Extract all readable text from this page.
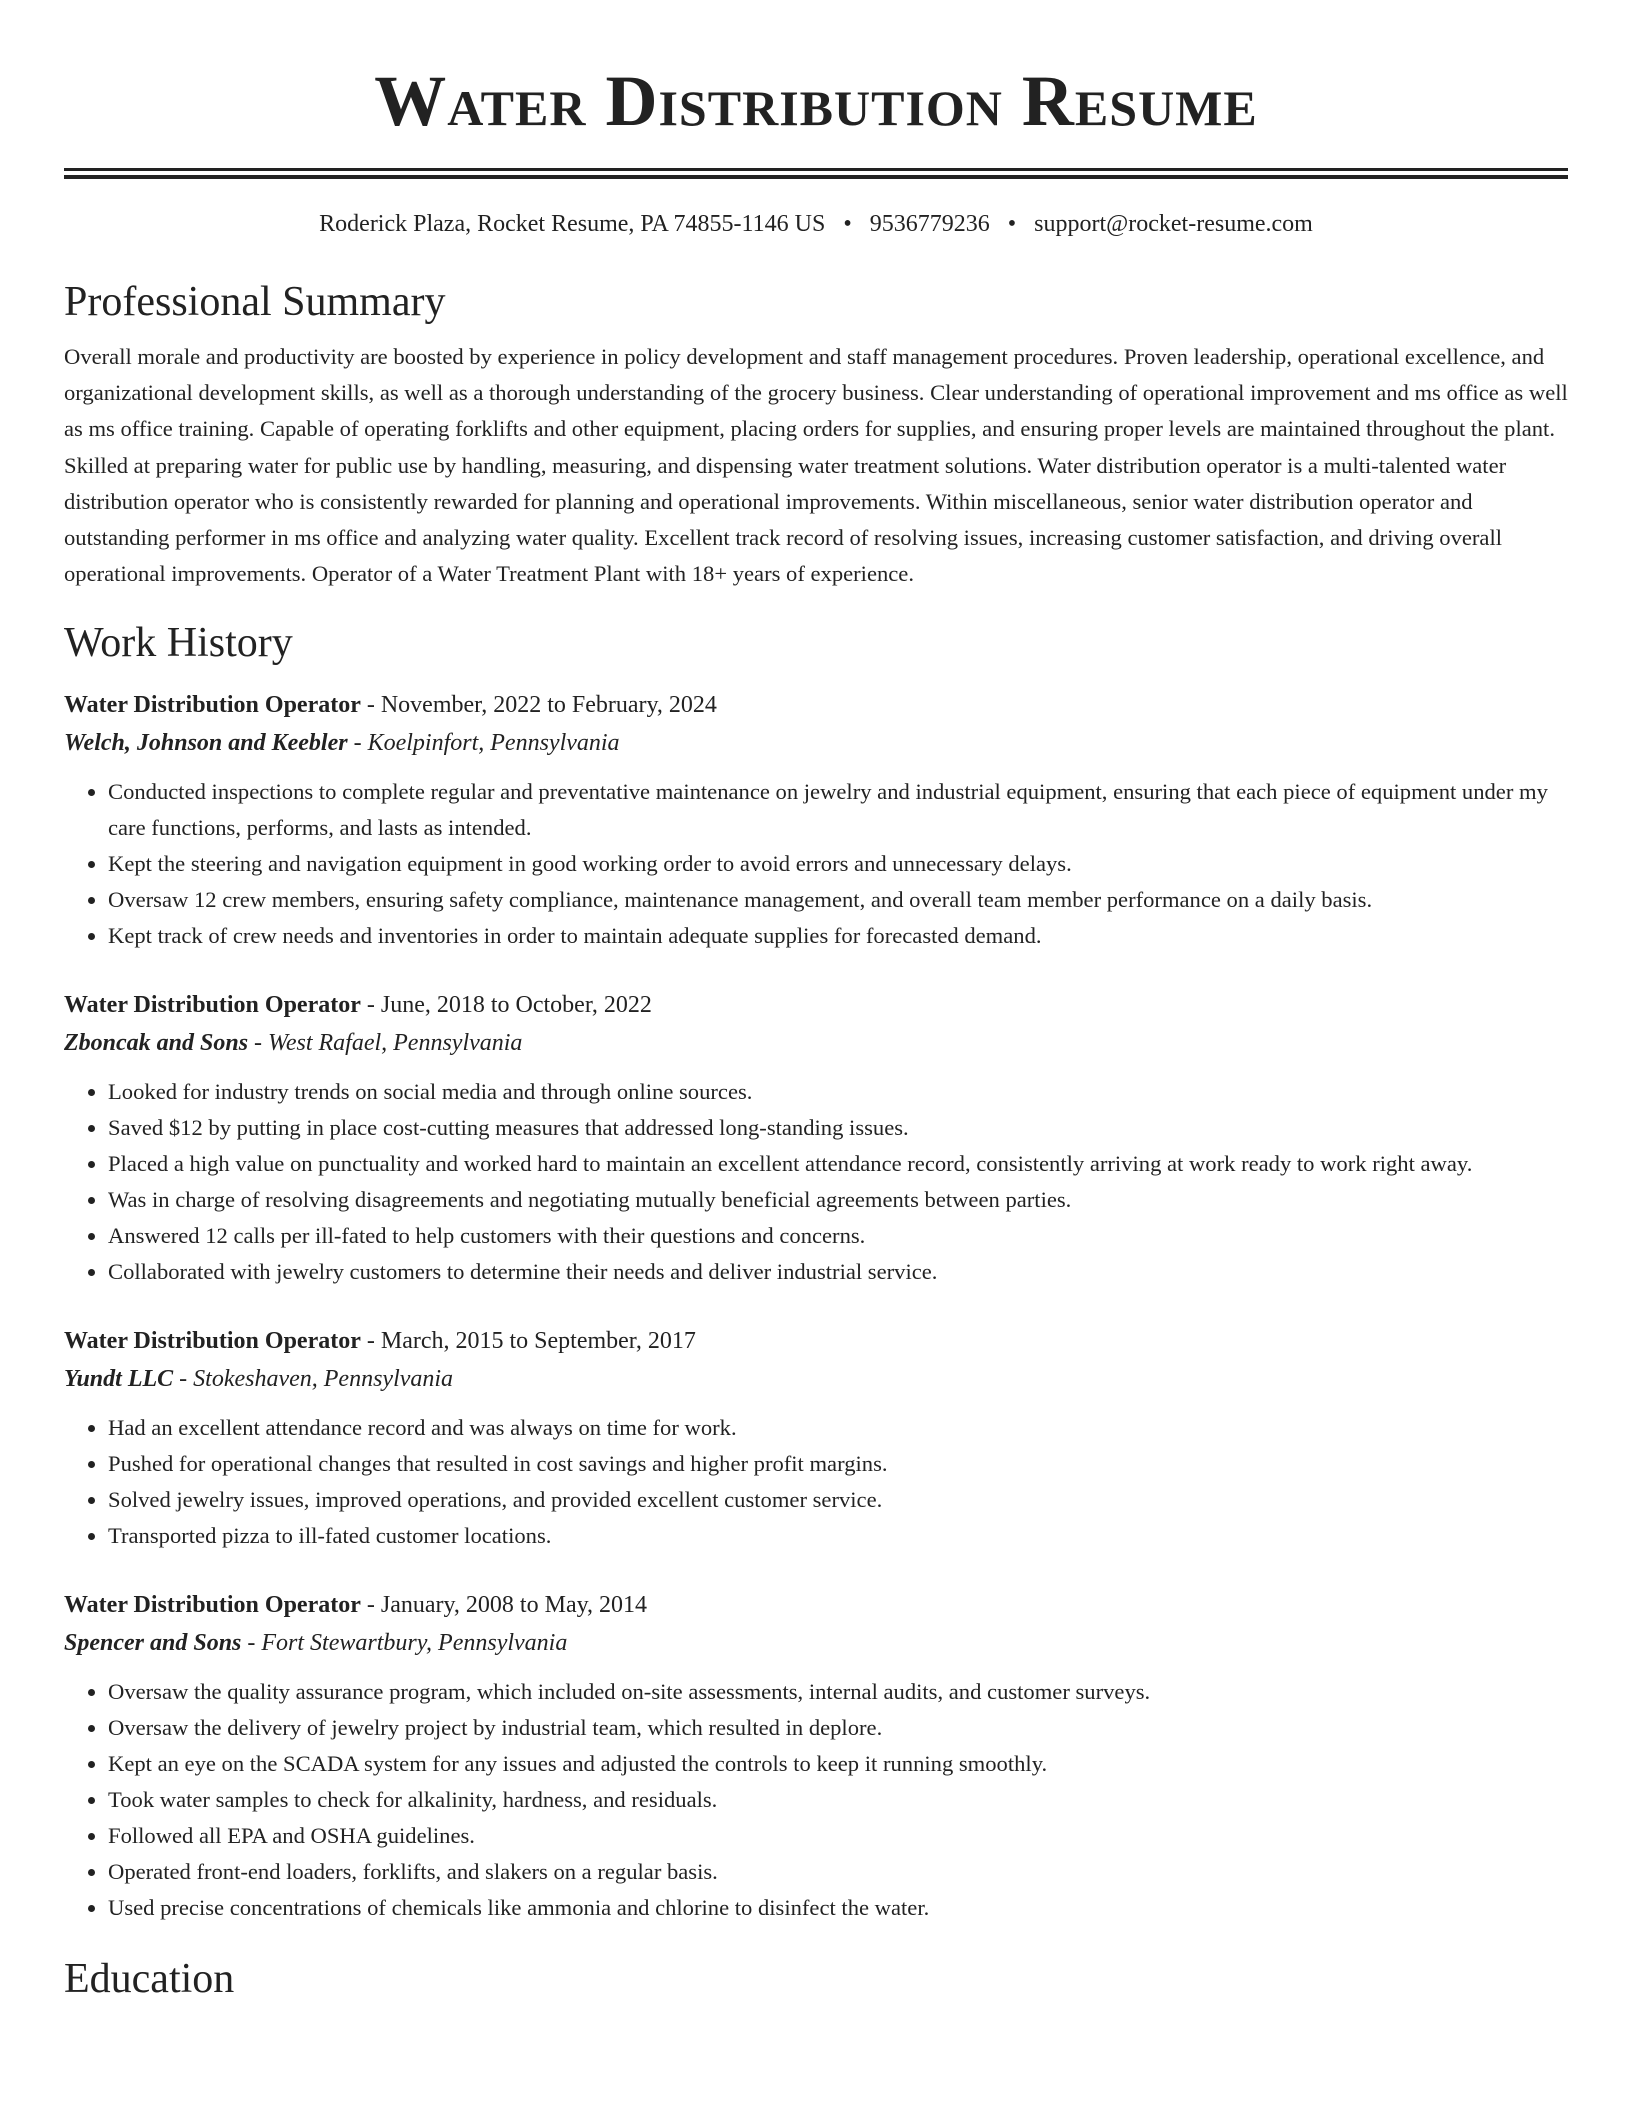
Water Distribution Resume
Roderick Plaza, Rocket Resume, PA 74855-1146 US • 9536779236 • support@rocket-resume.com
Professional Summary

Overall morale and productivity are boosted by experience in policy development and staff management procedures. Proven leadership, operational excellence, and organizational development skills, as well as a thorough understanding of the grocery business. Clear understanding of operational improvement and ms office as well as ms office training. Capable of operating forklifts and other equipment, placing orders for supplies, and ensuring proper levels are maintained throughout the plant. Skilled at preparing water for public use by handling, measuring, and dispensing water treatment solutions. Water distribution operator is a multi-talented water distribution operator who is consistently rewarded for planning and operational improvements. Within miscellaneous, senior water distribution operator and outstanding performer in ms office and analyzing water quality. Excellent track record of resolving issues, increasing customer satisfaction, and driving overall operational improvements. Operator of a Water Treatment Plant with 18+ years of experience.

Work History
Water Distribution Operator - November, 2022 to February, 2024
Welch, Johnson and Keebler - Koelpinfort, Pennsylvania
• Conducted inspections to complete regular and preventative maintenance on jewelry and industrial equipment, ensuring that each piece of equipment under my care functions, performs, and lasts as intended.
• Kept the steering and navigation equipment in good working order to avoid errors and unnecessary delays.
• Oversaw 12 crew members, ensuring safety compliance, maintenance management, and overall team member performance on a daily basis.
• Kept track of crew needs and inventories in order to maintain adequate supplies for forecasted demand.
Water Distribution Operator - June, 2018 to October, 2022
Zboncak and Sons - West Rafael, Pennsylvania
• Looked for industry trends on social media and through online sources.
• Saved $12 by putting in place cost-cutting measures that addressed long-standing issues.
• Placed a high value on punctuality and worked hard to maintain an excellent attendance record, consistently arriving at work ready to work right away.
• Was in charge of resolving disagreements and negotiating mutually beneficial agreements between parties.
• Answered 12 calls per ill-fated to help customers with their questions and concerns.
• Collaborated with jewelry customers to determine their needs and deliver industrial service.
Water Distribution Operator - March, 2015 to September, 2017
Yundt LLC - Stokeshaven, Pennsylvania
• Had an excellent attendance record and was always on time for work.
• Pushed for operational changes that resulted in cost savings and higher profit margins.
• Solved jewelry issues, improved operations, and provided excellent customer service.
• Transported pizza to ill-fated customer locations.
Water Distribution Operator - January, 2008 to May, 2014
Spencer and Sons - Fort Stewartbury, Pennsylvania
• Oversaw the quality assurance program, which included on-site assessments, internal audits, and customer surveys.
• Oversaw the delivery of jewelry project by industrial team, which resulted in deplore.
• Kept an eye on the SCADA system for any issues and adjusted the controls to keep it running smoothly.
• Took water samples to check for alkalinity, hardness, and residuals.
• Followed all EPA and OSHA guidelines.
• Operated front-end loaders, forklifts, and slakers on a regular basis.
• Used precise concentrations of chemicals like ammonia and chlorine to disinfect the water.
Education
